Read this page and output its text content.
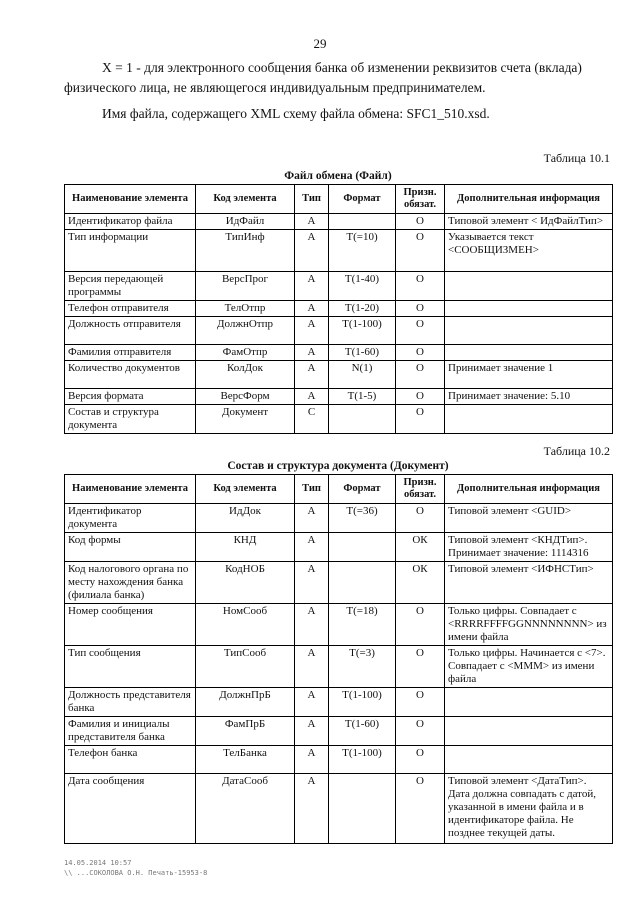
29
X = 1 - для электронного сообщения банка об изменении реквизитов счета (вклада) физического лица, не являющегося индивидуальным предпринимателем.
Имя файла, содержащего XML схему файла обмена: SFC1_510.xsd.
Таблица 10.1
Файл обмена (Файл)
Наименование элемента	Код элемента	Тип	Формат	Призн. обязат.	Дополнительная информация
Идентификатор файла	ИдФайл	А		О	Типовой элемент < ИдФайлТип>
Тип информации	ТипИнф	А	Т(=10)	О	Указывается текст <СООБЩИЗМЕН>
Версия передающей программы	ВерсПрог	А	Т(1-40)	О	
Телефон отправителя	ТелОтпр	А	Т(1-20)	О	
Должность отправителя	ДолжнОтпр	А	Т(1-100)	О	
Фамилия отправителя	ФамОтпр	А	Т(1-60)	О	
Количество документов	КолДок	А	N(1)	О	Принимает значение 1
Версия формата	ВерсФорм	А	Т(1-5)	О	Принимает значение: 5.10
Состав и структура документа	Документ	С		О	
Таблица 10.2
Состав и структура документа (Документ)
Наименование элемента	Код элемента	Тип	Формат	Призн. обязат.	Дополнительная информация
Идентификатор документа	ИдДок	А	Т(=36)	О	Типовой элемент <GUID>
Код формы	КНД	А		ОК	Типовой элемент <КНДТип>. Принимает значение: 1114316
Код налогового органа по месту нахождения банка (филиала банка)	КодНОБ	А		ОК	Типовой элемент <ИФНСТип>
Номер сообщения	НомСооб	А	Т(=18)	О	Только цифры. Совпадает с <RRRRFFFFGGNNNNNNNN> из имени файла
Тип сообщения	ТипСооб	А	Т(=3)	О	Только цифры. Начинается с <7>. Совпадает с <МММ> из имени файла
Должность представителя банка	ДолжнПрБ	А	Т(1-100)	О	
Фамилия и инициалы представителя банка	ФамПрБ	А	Т(1-60)	О	
Телефон банка	ТелБанка	А	Т(1-100)	О	
Дата сообщения	ДатаСооб	А		О	Типовой элемент <ДатаТип>. Дата должна совпадать с датой, указанной в имени файла и в идентификаторе файла. Не позднее текущей даты.
14.05.2014 10:57
\\ ...СОКОЛОВА О.Н. Печать-15953-8
